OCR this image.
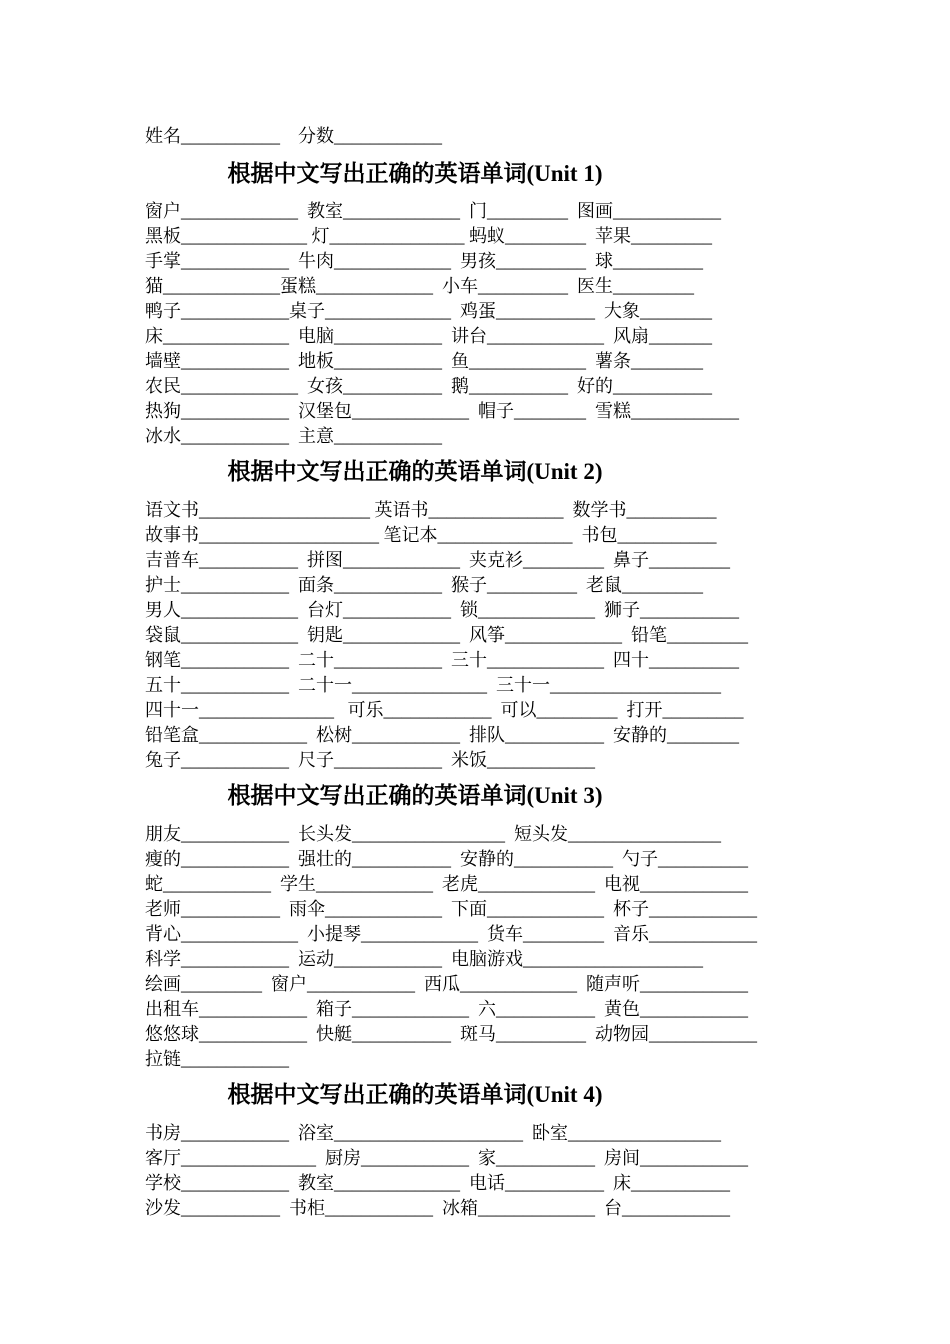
姓名___________    分数____________
根据中文写出正确的英语单词(Unit 1)
窗户_____________  教室_____________  门_________  图画____________
黑板______________ 灯_______________ 蚂蚁_________  苹果_________
手掌____________  牛肉_____________  男孩__________  球__________
猫_____________蛋糕_____________  小车__________  医生_________
鸭子____________桌子______________  鸡蛋___________  大象________
床______________  电脑____________  讲台_____________  风扇_______
墙壁____________  地板____________  鱼_____________  薯条________
农民_____________  女孩___________  鹅___________  好的___________
热狗____________  汉堡包_____________  帽子________  雪糕____________
冰水____________  主意____________
根据中文写出正确的英语单词(Unit 2)
语文书___________________ 英语书_______________  数学书__________
故事书____________________ 笔记本_______________  书包___________
吉普车___________  拼图_____________  夹克衫_________  鼻子_________
护士____________  面条____________  猴子__________  老鼠_________
男人_____________  台灯____________  锁_____________  狮子___________
袋鼠_____________  钥匙_____________  风筝_____________  铅笔_________
钢笔____________  二十____________  三十_____________  四十__________
五十____________  二十一_______________  三十一___________________
四十一_______________   可乐____________  可以_________  打开_________
铅笔盒____________  松树____________  排队___________  安静的________
兔子____________  尺子____________  米饭____________
根据中文写出正确的英语单词(Unit 3)
朋友____________  长头发_________________  短头发_________________
瘦的____________  强壮的___________  安静的___________  勺子__________
蛇____________  学生_____________  老虎_____________  电视____________
老师___________  雨伞_____________  下面_____________  杯子____________
背心_____________  小提琴_____________  货车_________  音乐____________
科学____________  运动____________  电脑游戏____________________
绘画_________  窗户____________  西瓜_____________  随声听____________
出租车____________  箱子_____________  六___________  黄色____________
悠悠球____________  快艇___________  斑马__________  动物园____________
拉链____________
根据中文写出正确的英语单词(Unit 4)
书房____________  浴室_____________________  卧室_________________
客厅_______________  厨房____________  家___________  房间____________
学校____________  教室______________  电话___________  床___________
沙发___________  书柜____________  冰箱_____________  台____________
